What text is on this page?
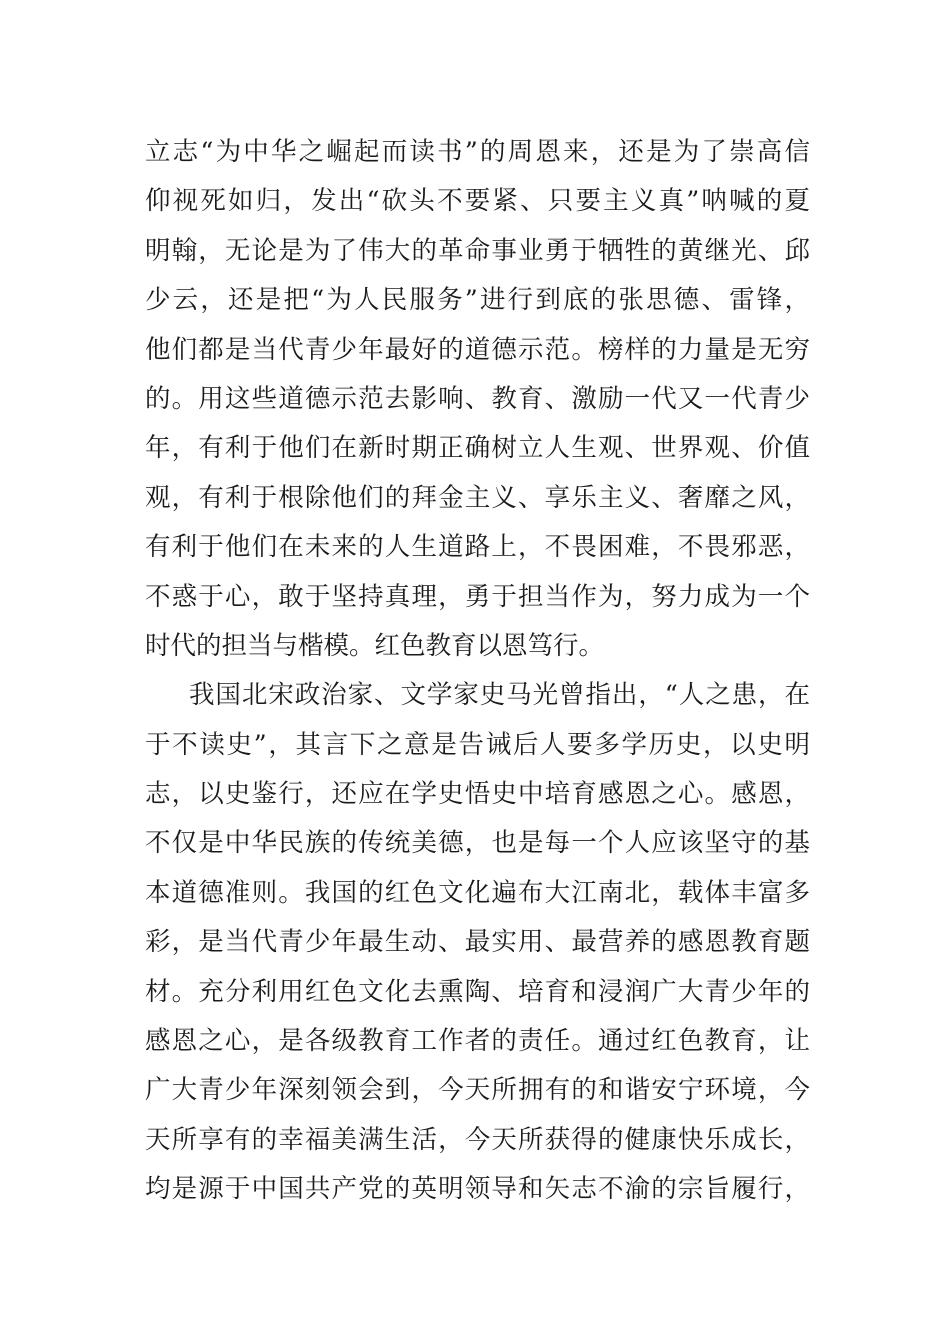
立志“为中华之崛起而读书”的周恩来，还是为了崇高信
仰视死如归，发出“砍头不要紧、只要主义真”呐喊的夏
明翰，无论是为了伟大的革命事业勇于牺牲的黄继光、邱
少云，还是把“为人民服务”进行到底的张思德、雷锋，
他们都是当代青少年最好的道德示范。榜样的力量是无穷
的。用这些道德示范去影响、教育、激励一代又一代青少
年，有利于他们在新时期正确树立人生观、世界观、价值
观，有利于根除他们的拜金主义、享乐主义、奢靡之风，
有利于他们在未来的人生道路上，不畏困难，不畏邪恶，
不惑于心，敢于坚持真理，勇于担当作为，努力成为一个
时代的担当与楷模。红色教育以恩笃行。
我国北宋政治家、文学家史马光曾指出，“人之患，在
于不读史”，其言下之意是告诫后人要多学历史，以史明
志，以史鉴行，还应在学史悟史中培育感恩之心。感恩，
不仅是中华民族的传统美德，也是每一个人应该坚守的基
本道德准则。我国的红色文化遍布大江南北，载体丰富多
彩，是当代青少年最生动、最实用、最营养的感恩教育题
材。充分利用红色文化去熏陶、培育和浸润广大青少年的
感恩之心，是各级教育工作者的责任。通过红色教育，让
广大青少年深刻领会到，今天所拥有的和谐安宁环境，今
天所享有的幸福美满生活，今天所获得的健康快乐成长，
均是源于中国共产党的英明领导和矢志不渝的宗旨履行，
